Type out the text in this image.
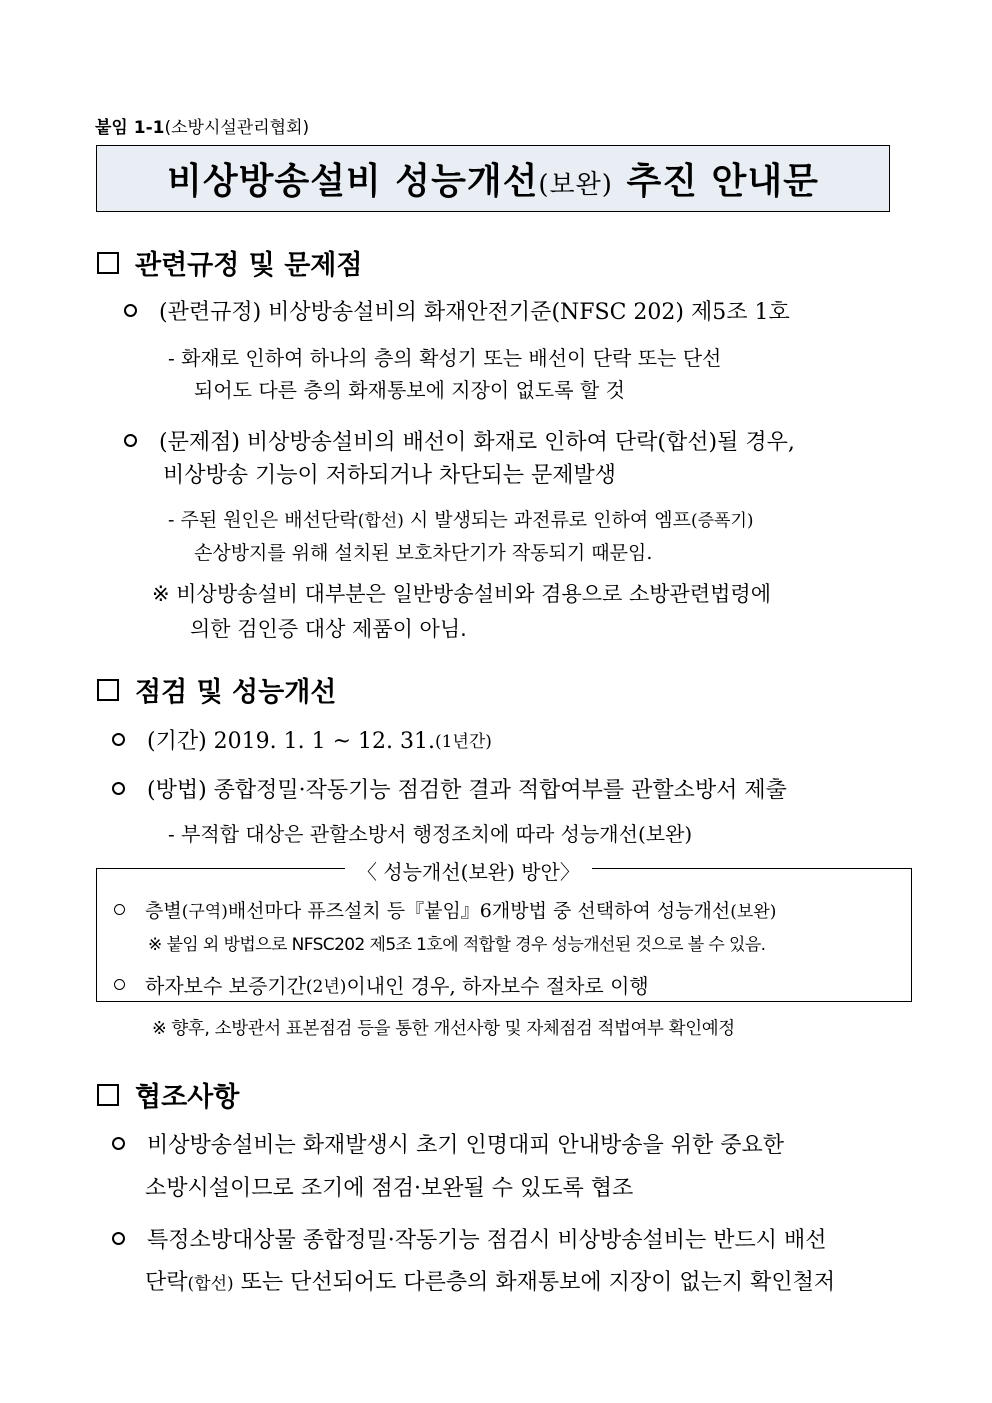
붙임 1-1(소방시설관리협회)
비상방송설비 성능개선(보완) 추진 안내문
관련규정 및 문제점
(관련규정) 비상방송설비의 화재안전기준(NFSC 202) 제5조 1호
- 화재로 인하여 하나의 층의 확성기 또는 배선이 단락 또는 단선
되어도 다른 층의 화재통보에 지장이 없도록 할 것
(문제점) 비상방송설비의 배선이 화재로 인하여 단락(합선)될 경우,
비상방송 기능이 저하되거나 차단되는 문제발생
- 주된 원인은 배선단락(합선) 시 발생되는 과전류로 인하여 엠프(증폭기)
손상방지를 위해 설치된 보호차단기가 작동되기 때문임.
※ 비상방송설비 대부분은 일반방송설비와 겸용으로 소방관련법령에
의한 검인증 대상 제품이 아님.
점검 및 성능개선
(기간) 2019. 1. 1 ~ 12. 31. (1년간)
(방법) 종합정밀·작동기능 점검한 결과 적합여부를 관할소방서 제출
- 부적합 대상은 관할소방서 행정조치에 따라 성능개선(보완)
〈 성능개선(보완) 방안〉
층별 (구역) 배선마다 퓨즈설치 등『붙임』6개방법 중 선택하여 성능개선 (보완)
※ 붙임 외 방법으로 NFSC202 제5조 1호에 적합할 경우 성능개선된 것으로 볼 수 있음.
하자보수 보증기간 (2년) 이내인 경우, 하자보수 절차로 이행
※ 향후, 소방관서 표본점검 등을 통한 개선사항 및 자체점검 적법여부 확인예정
협조사항
비상방송설비는 화재발생시 초기 인명대피 안내방송을 위한 중요한
소방시설이므로 조기에 점검·보완될 수 있도록 협조
특정소방대상물 종합정밀·작동기능 점검시 비상방송설비는 반드시 배선
단락(합선) 또는 단선되어도 다른층의 화재통보에 지장이 없는지 확인철저
